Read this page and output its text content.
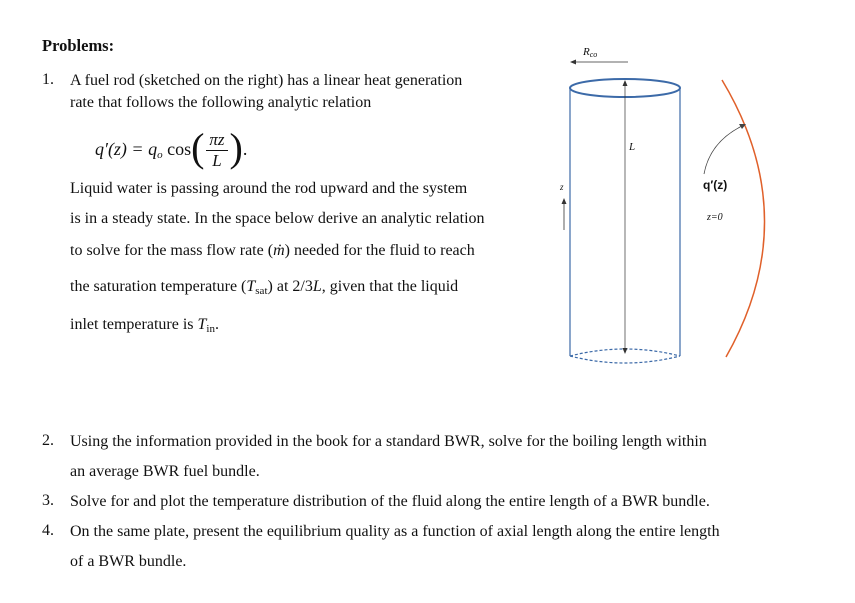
Problems:
1. A fuel rod (sketched on the right) has a linear heat generation
rate that follows the following analytic relation
$q'(z) = q_o$ $\cos( \frac{\pi z}{L}$ ).
Liquid water is passing around the rod upward and the system
is in a steady state. In the space below derive an analytic relation
to solve for the mass flow rate (ṁ) needed for the fluid to reach
the saturation temperature $(T_{sat})$ at 2/3L, given that the liquid
inlet temperature is $T_{in}$.
Rco
L
z	q′(z)
z=0
2. Using the information provided in the book for a standard BWR, solve for the boiling length within
an average BWR fuel bundle.
3. Solve for and plot the temperature distribution of the fluid along the entire length of a BWR bundle.
4. On the same plate, present the equilibrium quality as a function of axial length along the entire length
of a BWR bundle.
